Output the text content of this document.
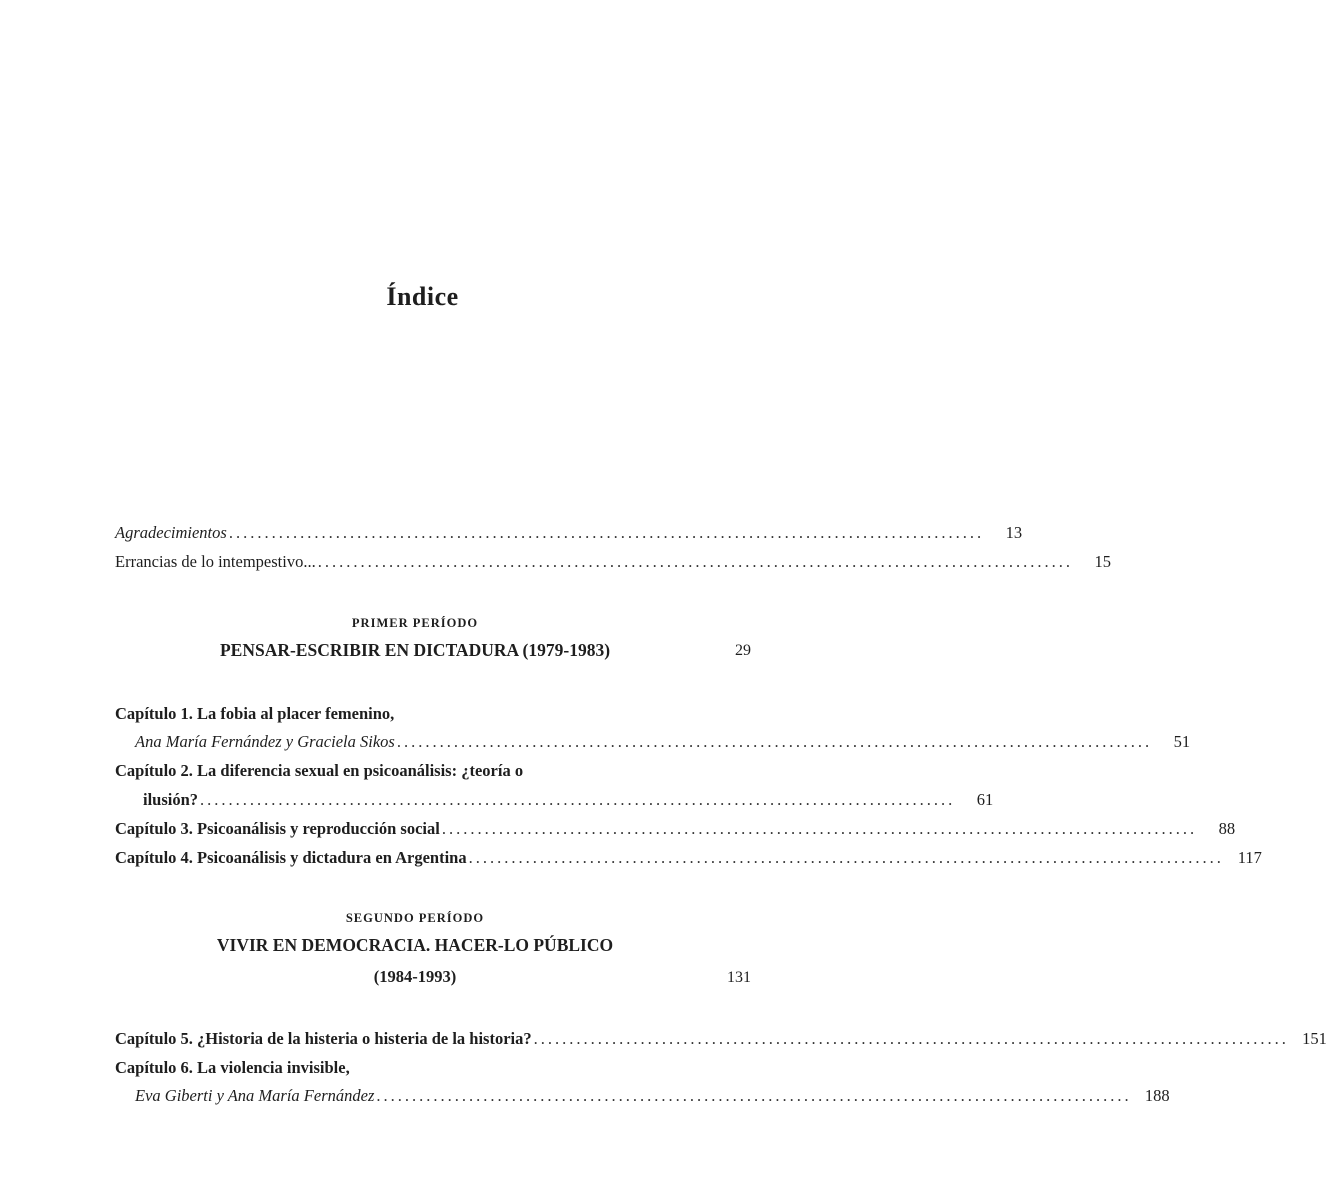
Índice
Agradecimientos ..........................................................................................................	13
Errancias de lo intempestivo... ..........................................................................................................	15
PRIMER PERÍODO
PENSAR-ESCRIBIR EN DICTADURA (1979-1983)	29
Capítulo 1. La fobia al placer femenino,
Ana María Fernández y Graciela Sikos ..........................................................................................................	51
Capítulo 2. La diferencia sexual en psicoanálisis: ¿teoría o
ilusión? ..........................................................................................................	61
Capítulo 3. Psicoanálisis y reproducción social ..........................................................................................................	88
Capítulo 4. Psicoanálisis y dictadura en Argentina .......................................................................................................... 117
SEGUNDO PERÍODO
VIVIR EN DEMOCRACIA. HACER-LO PÚBLICO
(1984-1993)	131
Capítulo 5. ¿Historia de la histeria o histeria de la historia? .......................................................................................................... 151
Capítulo 6. La violencia invisible,
Eva Giberti y Ana María Fernández .......................................................................................................... 188
